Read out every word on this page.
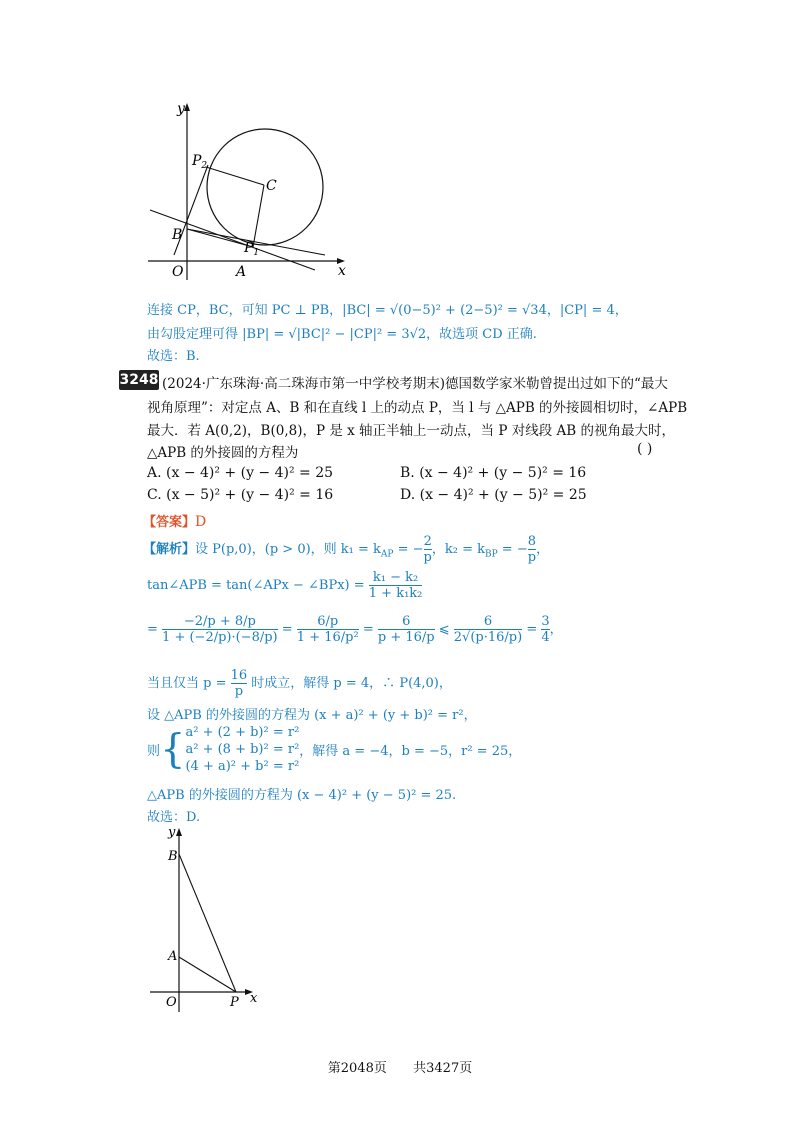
y
$P_2$
C
B
$P_1$
O	A	x
连接 CP，BC，可知 PC ⊥ PB，|BC| = √(0−5)² + (2−5)² = √34，|CP| = 4，
由勾股定理可得 |BP| = √|BC|² − |CP|² = 3√2，故选项 CD 正确.
故选：B.
3248 (2024·广东珠海·高二珠海市第一中学校考期末)德国数学家米勒曾提出过如下的“最大
视角原理”：对定点 A、B 和在直线 l 上的动点 P，当 l 与 △APB 的外接圆相切时，∠APB
最大．若 A(0,2)，B(0,8)，P 是 x 轴正半轴上一动点，当 P 对线段 AB 的视角最大时，
△APB 的外接圆的方程为	( )
A. (x − 4)² + (y − 4)² = 25	B. (x − 4)² + (y − 5)² = 16
C. (x − 5)² + (y − 4)² = 16	D. (x − 4)² + (y − 5)² = 25
【答案】D
【解析】设 P(p,0)，(p > 0)，则 $k_1 = k_{AP}$ = − $\frac{2}{p}$ ，$k_2 = k_{BP}$ = − $\frac{8}{p}$ ，
tan∠APB = tan(∠APx − ∠BPx) = $\frac{\text{k₁ − k₂}}{\text{1 + k₁k₂}}$
= $\frac{-2/p + 8/p}{1 + (-2/p)\cdot(-8/p)} = \frac{6/p}{\text{1 + 16/p²}} = \frac{6}{p + 16/p}$ ⩽ $\frac{6}{2√(p\cdot 16/p)} = \frac{3}{4}$ ，
当且仅当 $p = \frac{16}{p}$ 时成立，解得 p = 4，∴ P(4,0)，
设 △APB 的外接圆的方程为 (x + a)² + (y + b)² = r²，
则{ a² + (2 + b)² = r²
a² + (8 + b)² = r²
(4 + a)² + b² = r²
，解得 a = −4，b = −5，r² = 25，
△APB 的外接圆的方程为 (x − 4)² + (y − 5)² = 25.
故选：D.
y
B
A
O	P x
第2048页 共3427页
